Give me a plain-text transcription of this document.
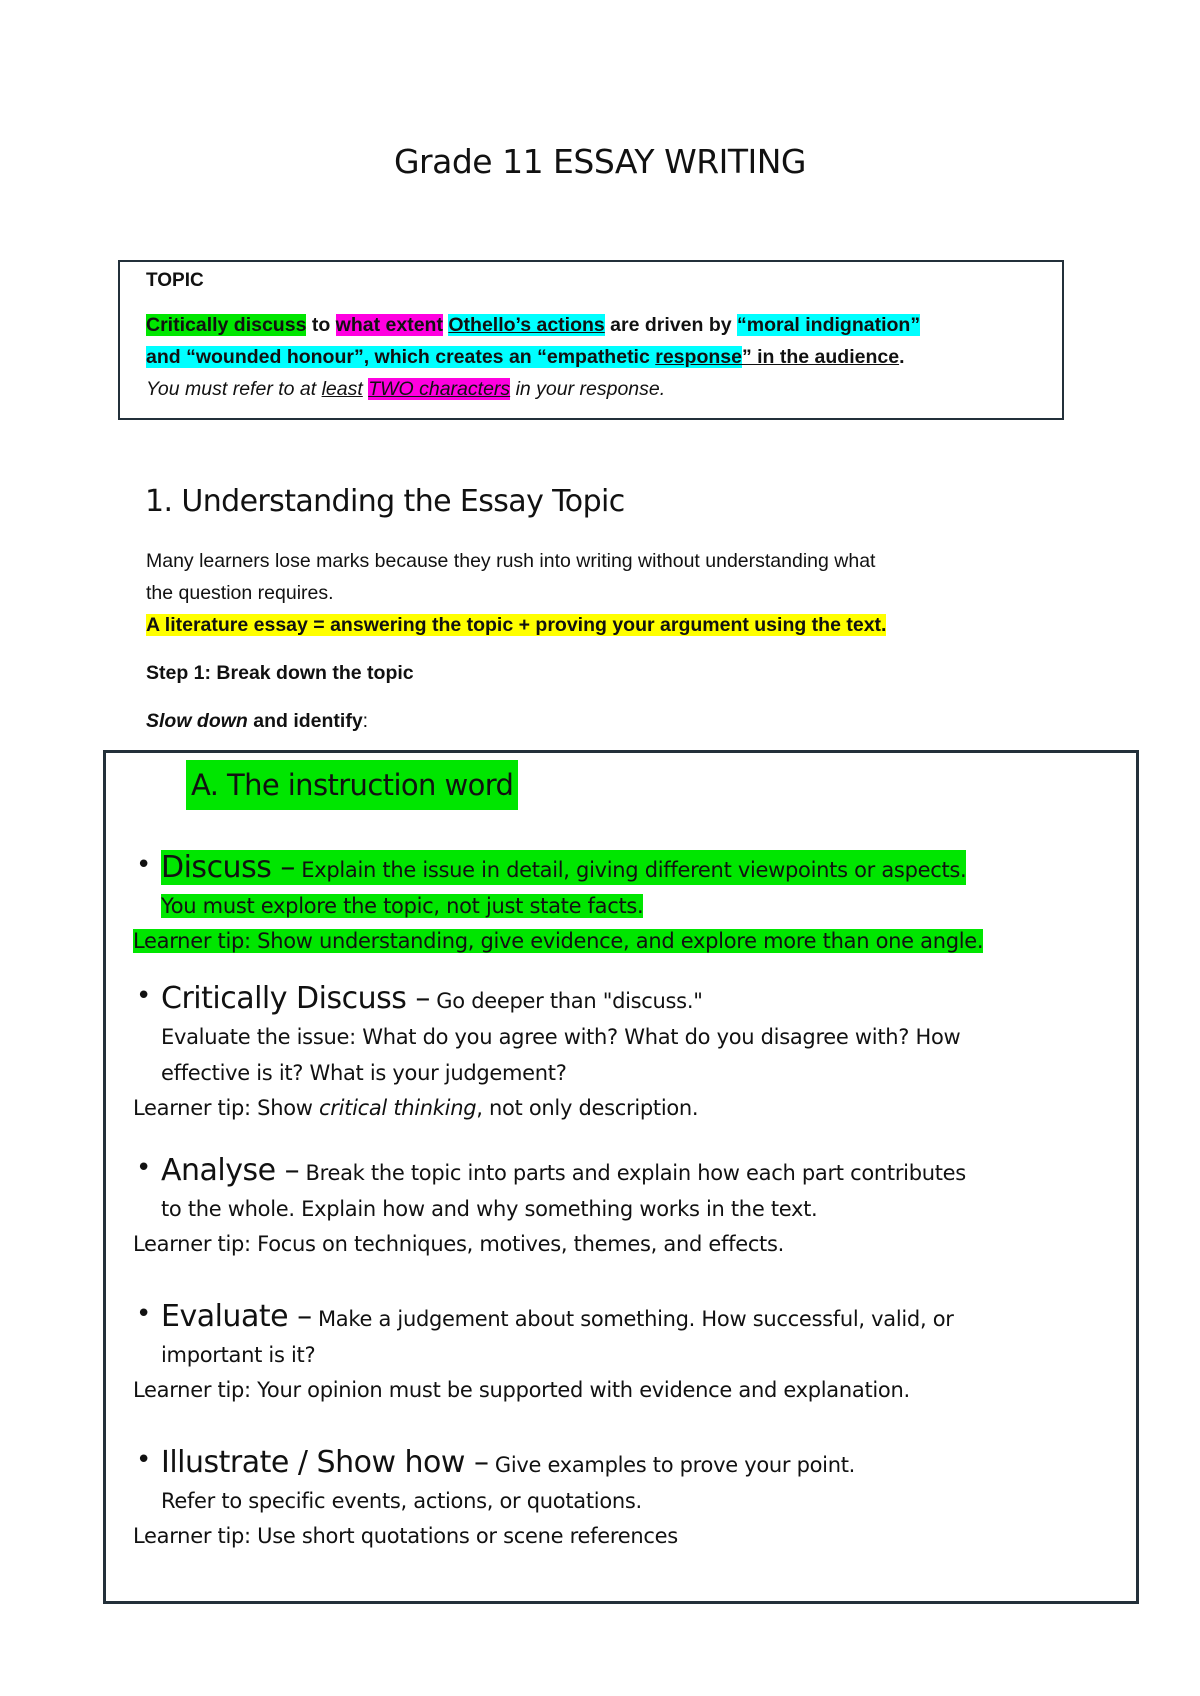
Grade 11 ESSAY WRITING
TOPIC
Critically discuss to what extent Othello’s actions are driven by “moral indignation”
and “wounded honour”, which creates an “empathetic response” in the audience.
You must refer to at least TWO characters in your response.
1. Understanding the Essay Topic
Many learners lose marks because they rush into writing without understanding what
the question requires.
A literature essay = answering the topic + proving your argument using the text.
Step 1: Break down the topic
Slow down and identify:
A. The instruction word
• Discuss – Explain the issue in detail, giving different viewpoints or aspects.
You must explore the topic, not just state facts.
Learner tip: Show understanding, give evidence, and explore more than one angle.
• Critically Discuss – Go deeper than "discuss."
Evaluate the issue: What do you agree with? What do you disagree with? How
effective is it? What is your judgement?
Learner tip: Show critical thinking, not only description.
• Analyse – Break the topic into parts and explain how each part contributes
to the whole. Explain how and why something works in the text.
Learner tip: Focus on techniques, motives, themes, and effects.
• Evaluate – Make a judgement about something. How successful, valid, or
important is it?
Learner tip: Your opinion must be supported with evidence and explanation.
• Illustrate / Show how – Give examples to prove your point.
Refer to specific events, actions, or quotations.
Learner tip: Use short quotations or scene references
